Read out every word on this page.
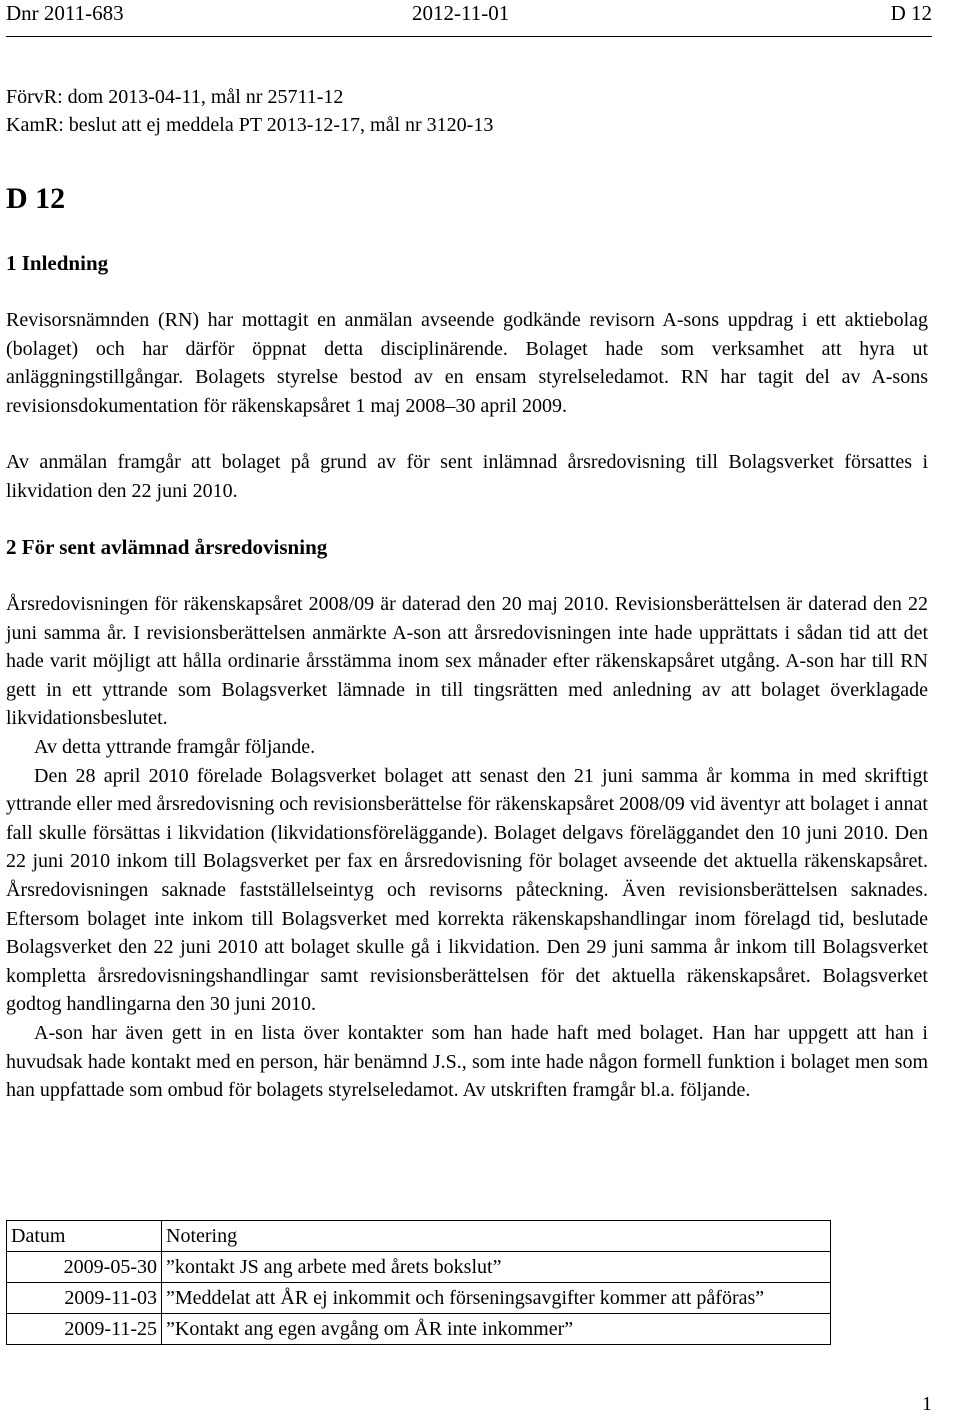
Dnr 2011-683	2012-11-01	D 12
FörvR: dom 2013-04-11, mål nr 25711-12
KamR: beslut att ej meddela PT 2013-12-17, mål nr 3120-13
D 12
1 Inledning

Revisorsnämnden (RN) har mottagit en anmälan avseende godkände revisorn A-sons uppdrag i ett aktiebolag (bolaget) och har därför öppnat detta disciplinärende. Bolaget hade som verksamhet att hyra ut anläggningstillgångar. Bolagets styrelse bestod av en ensam styrelseledamot. RN har tagit del av A-sons revisionsdokumentation för räkenskapsåret 1 maj 2008–30 april 2009.

Av anmälan framgår att bolaget på grund av för sent inlämnad årsredovisning till Bolagsverket försattes i likvidation den 22 juni 2010.

2 För sent avlämnad årsredovisning

Årsredovisningen för räkenskapsåret 2008/09 är daterad den 20 maj 2010. Revisionsberättelsen är daterad den 22 juni samma år. I revisionsberättelsen anmärkte A-son att årsredovisningen inte hade upprättats i sådan tid att det hade varit möjligt att hålla ordinarie årsstämma inom sex månader efter räkenskapsåret utgång. A-son har till RN gett in ett yttrande som Bolagsverket lämnade in till tingsrätten med anledning av att bolaget överklagade likvidationsbeslutet.

Av detta yttrande framgår följande.

Den 28 april 2010 förelade Bolagsverket bolaget att senast den 21 juni samma år komma in med skriftigt yttrande eller med årsredovisning och revisionsberättelse för räkenskapsåret 2008/09 vid äventyr att bolaget i annat fall skulle försättas i likvidation (likvidationsföreläggande). Bolaget delgavs föreläggandet den 10 juni 2010. Den 22 juni 2010 inkom till Bolagsverket per fax en årsredovisning för bolaget avseende det aktuella räkenskapsåret. Årsredovisningen saknade fastställelseintyg och revisorns påteckning. Även revisionsberättelsen saknades. Eftersom bolaget inte inkom till Bolagsverket med korrekta räkenskapshandlingar inom förelagd tid, beslutade Bolagsverket den 22 juni 2010 att bolaget skulle gå i likvidation. Den 29 juni samma år inkom till Bolagsverket kompletta årsredovisningshandlingar samt revisionsberättelsen för det aktuella räkenskapsåret. Bolagsverket godtog handlingarna den 30 juni 2010.

A-son har även gett in en lista över kontakter som han hade haft med bolaget. Han har uppgett att han i huvudsak hade kontakt med en person, här benämnd J.S., som inte hade någon formell funktion i bolaget men som han uppfattade som ombud för bolagets styrelseledamot. Av utskriften framgår bl.a. följande.

Datum	Notering
2009-05-30	”kontakt JS ang arbete med årets bokslut”
2009-11-03	”Meddelat att ÅR ej inkommit och förseningsavgifter kommer att påföras”
2009-11-25	”Kontakt ang egen avgång om ÅR inte inkommer”
1
